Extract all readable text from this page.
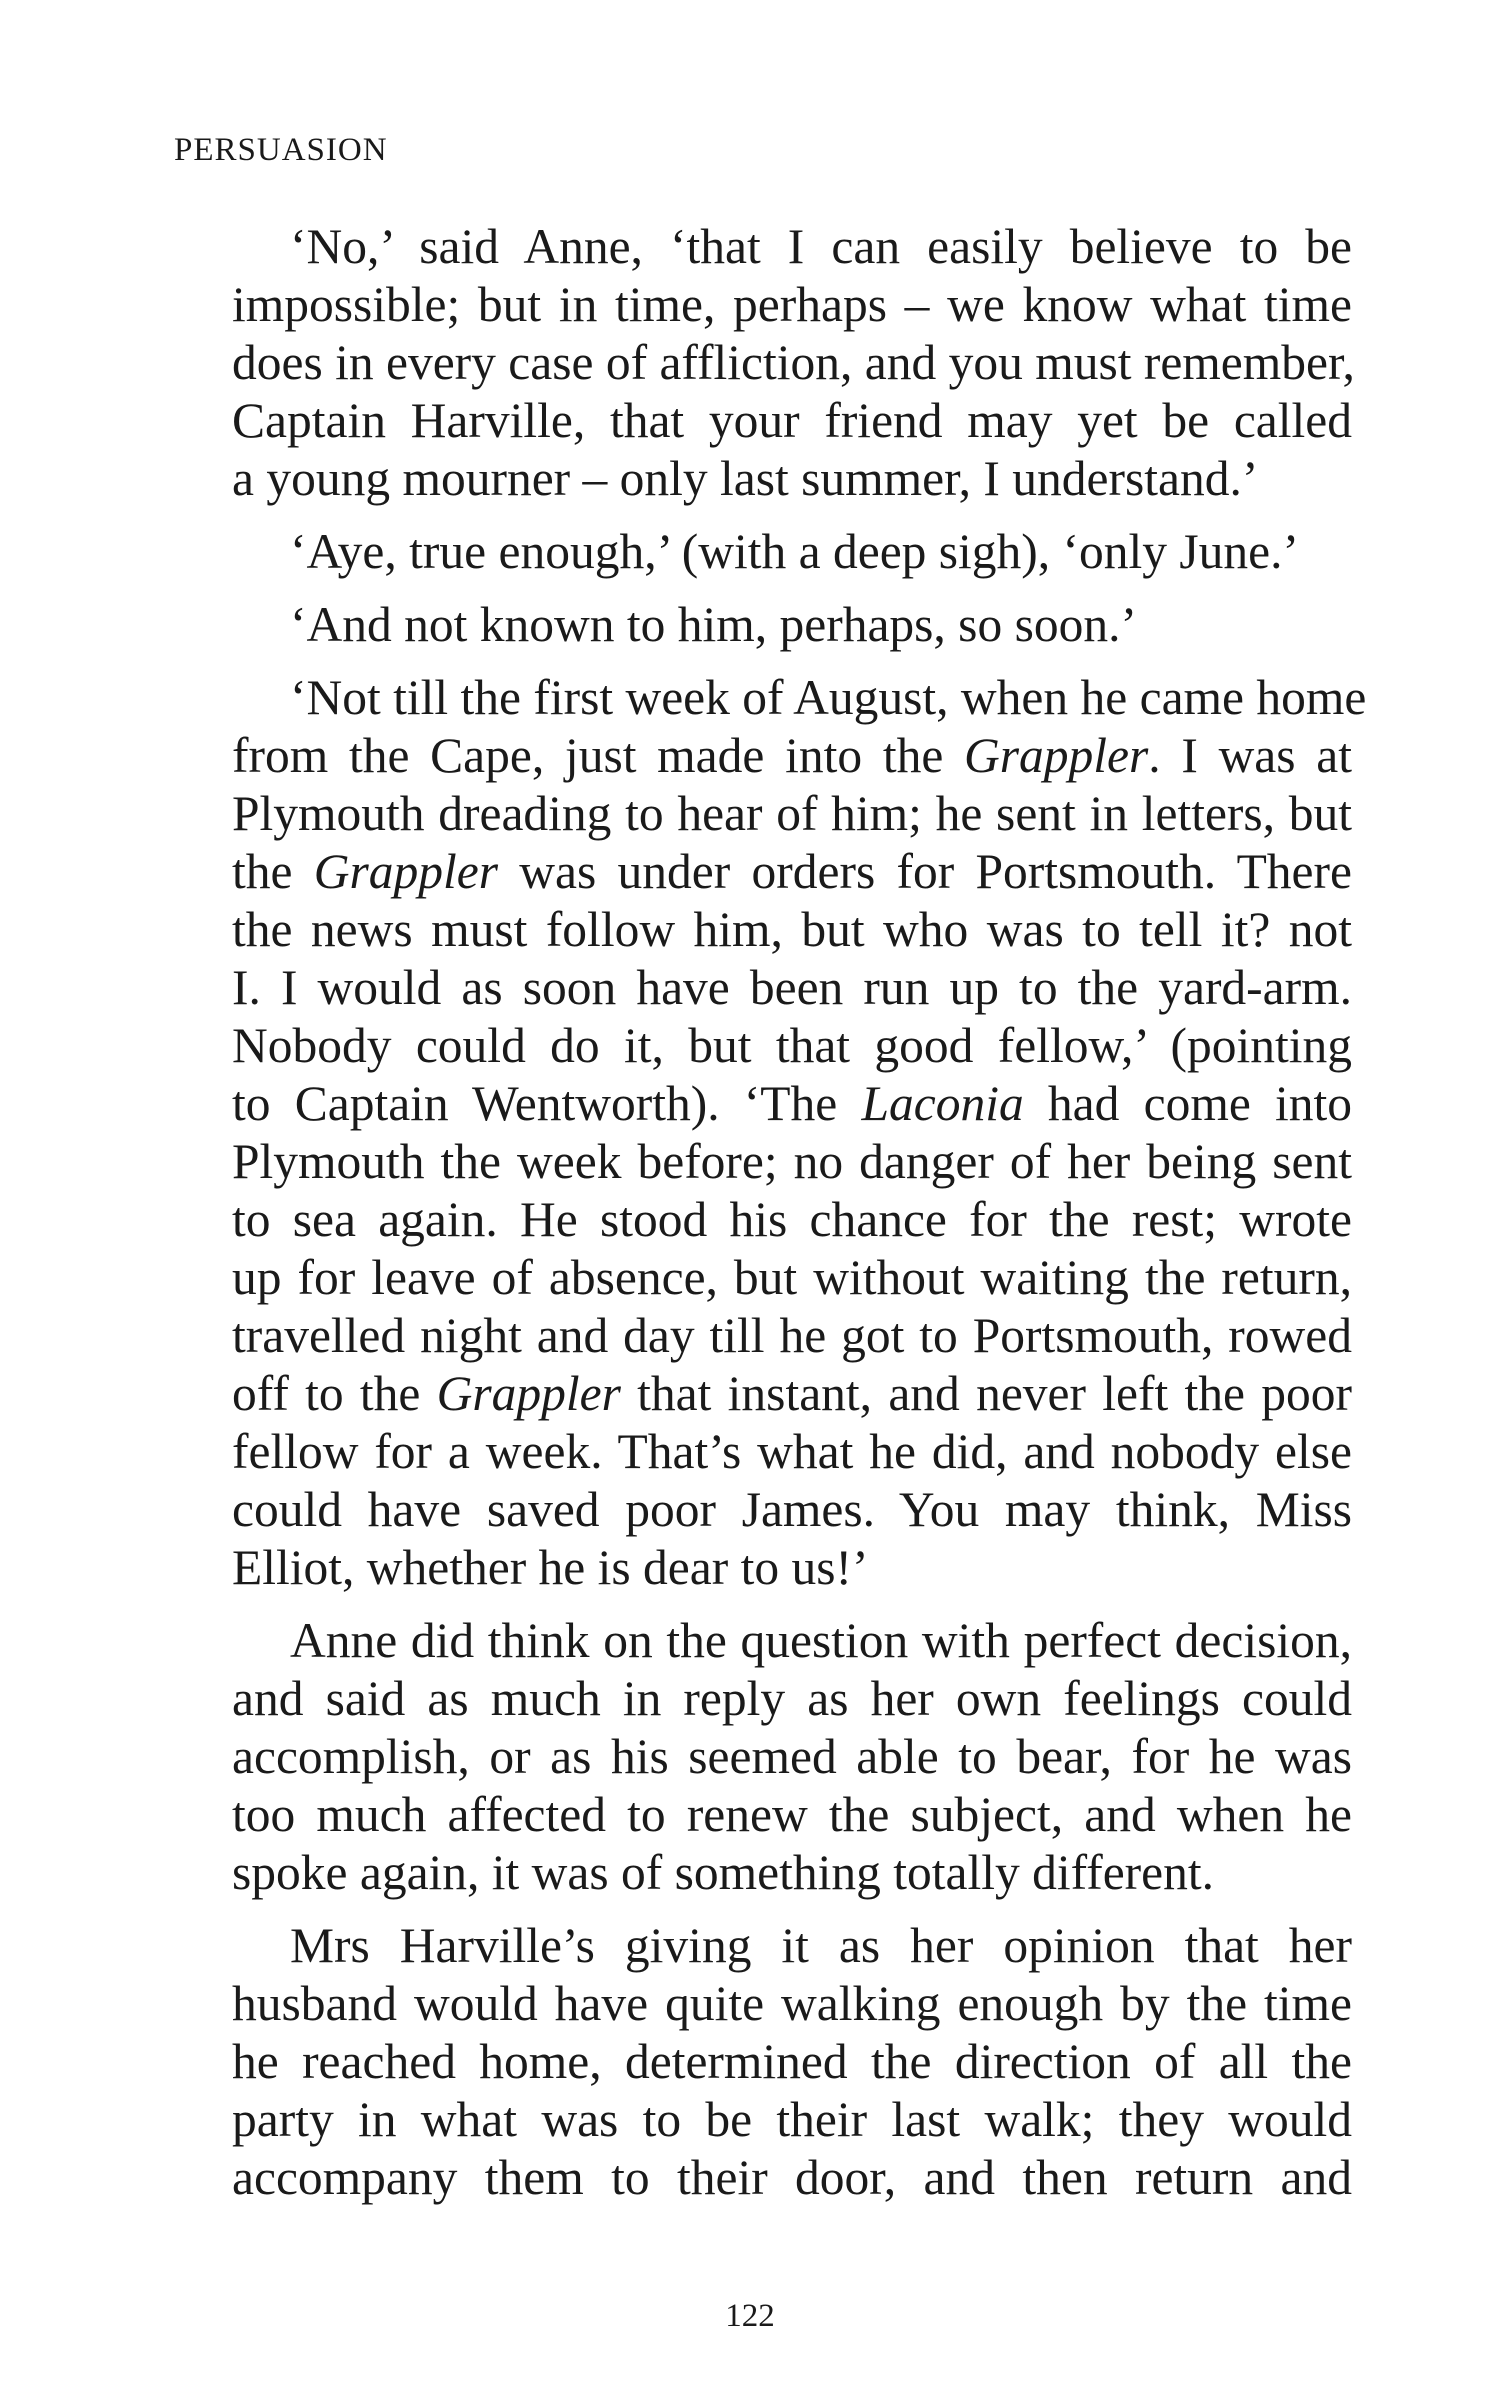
PERSUASION
‘No,’ said Anne, ‘that I can easily believe to be
impossible; but in time, perhaps – we know what time
does in every case of affliction, and you must remember,
Captain Harville, that your friend may yet be called
a young mourner – only last summer, I understand.’
‘Aye, true enough,’ (with a deep sigh), ‘only June.’
‘And not known to him, perhaps, so soon.’
‘Not till the first week of August, when he came home
from the Cape, just made into the Grappler. I was at
Plymouth dreading to hear of him; he sent in letters, but
the Grappler was under orders for Portsmouth. There
the news must follow him, but who was to tell it? not
I. I would as soon have been run up to the yard-arm.
Nobody could do it, but that good fellow,’ (pointing
to Captain Wentworth). ‘The Laconia had come into
Plymouth the week before; no danger of her being sent
to sea again. He stood his chance for the rest; wrote
up for leave of absence, but without waiting the return,
travelled night and day till he got to Portsmouth, rowed
off to the Grappler that instant, and never left the poor
fellow for a week. That’s what he did, and nobody else
could have saved poor James. You may think, Miss
Elliot, whether he is dear to us!’
Anne did think on the question with perfect decision,
and said as much in reply as her own feelings could
accomplish, or as his seemed able to bear, for he was
too much affected to renew the subject, and when he
spoke again, it was of something totally different.
Mrs Harville’s giving it as her opinion that her
husband would have quite walking enough by the time
he reached home, determined the direction of all the
party in what was to be their last walk; they would
accompany them to their door, and then return and
122
